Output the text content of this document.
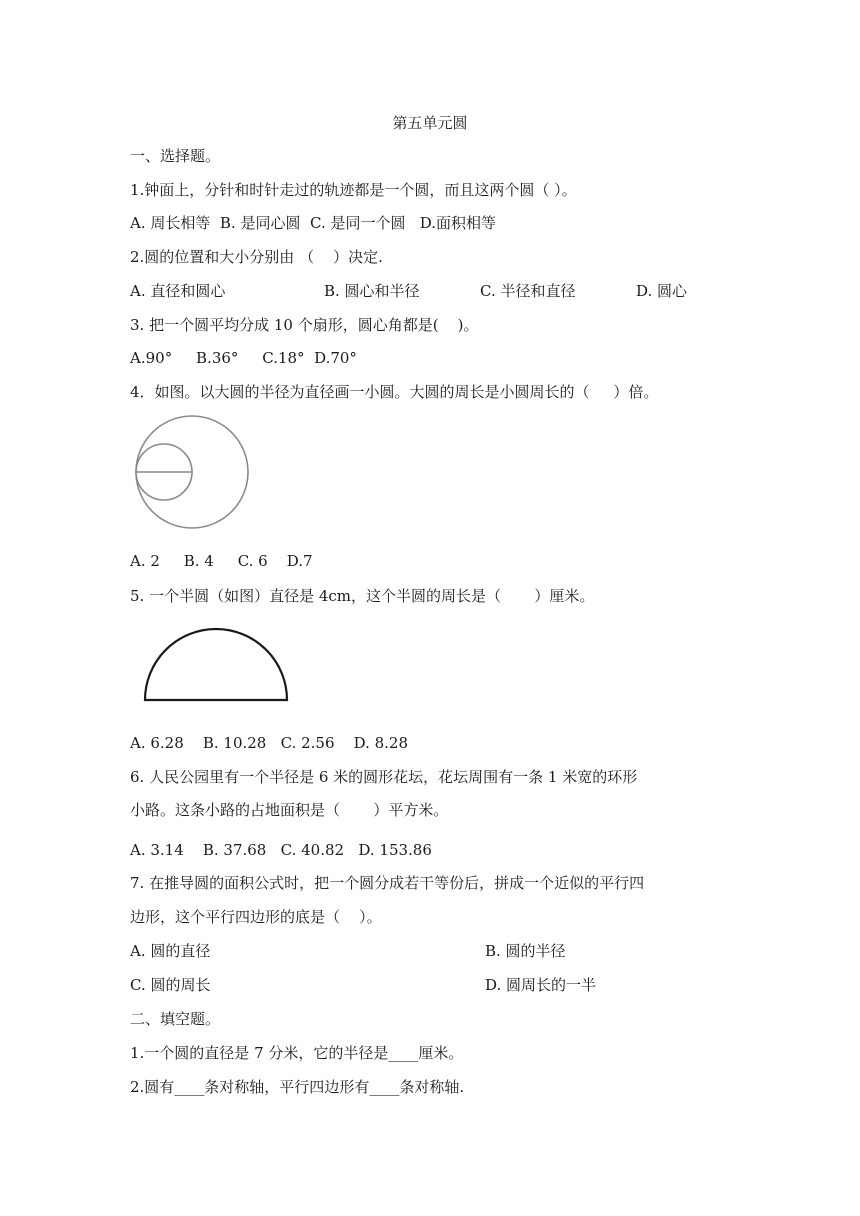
第五单元圆
一、选择题。
1.钟面上，分针和时针走过的轨迹都是一个圆，而且这两个圆（ ）。
A. 周长相等  B. 是同心圆  C. 是同一个圆   D.面积相等
2.圆的位置和大小分别由 （    ）决定.
A. 直径和圆心	B. 圆心和半径	C. 半径和直径	D. 圆心
3. 把一个圆平均分成 10 个扇形，圆心角都是(    )。
A.90°     B.36°     C.18°  D.70°
4．如图。以大圆的半径为直径画一小圆。大圆的周长是小圆周长的（     ）倍。
A. 2     B. 4     C. 6    D.7
5. 一个半圆（如图）直径是 4cm，这个半圆的周长是（       ）厘米。
A. 6.28    B. 10.28   C. 2.56    D. 8.28
6. 人民公园里有一个半径是 6 米的圆形花坛，花坛周围有一条 1 米宽的环形
小路。这条小路的占地面积是（       ）平方米。
A. 3.14    B. 37.68   C. 40.82   D. 153.86
7. 在推导圆的面积公式时，把一个圆分成若干等份后，拼成一个近似的平行四
边形，这个平行四边形的底是（    ）。
A. 圆的直径	B. 圆的半径
C. 圆的周长	D. 圆周长的一半
二、填空题。
1.一个圆的直径是 7 分米，它的半径是____厘米。
2.圆有____条对称轴，平行四边形有____条对称轴.
